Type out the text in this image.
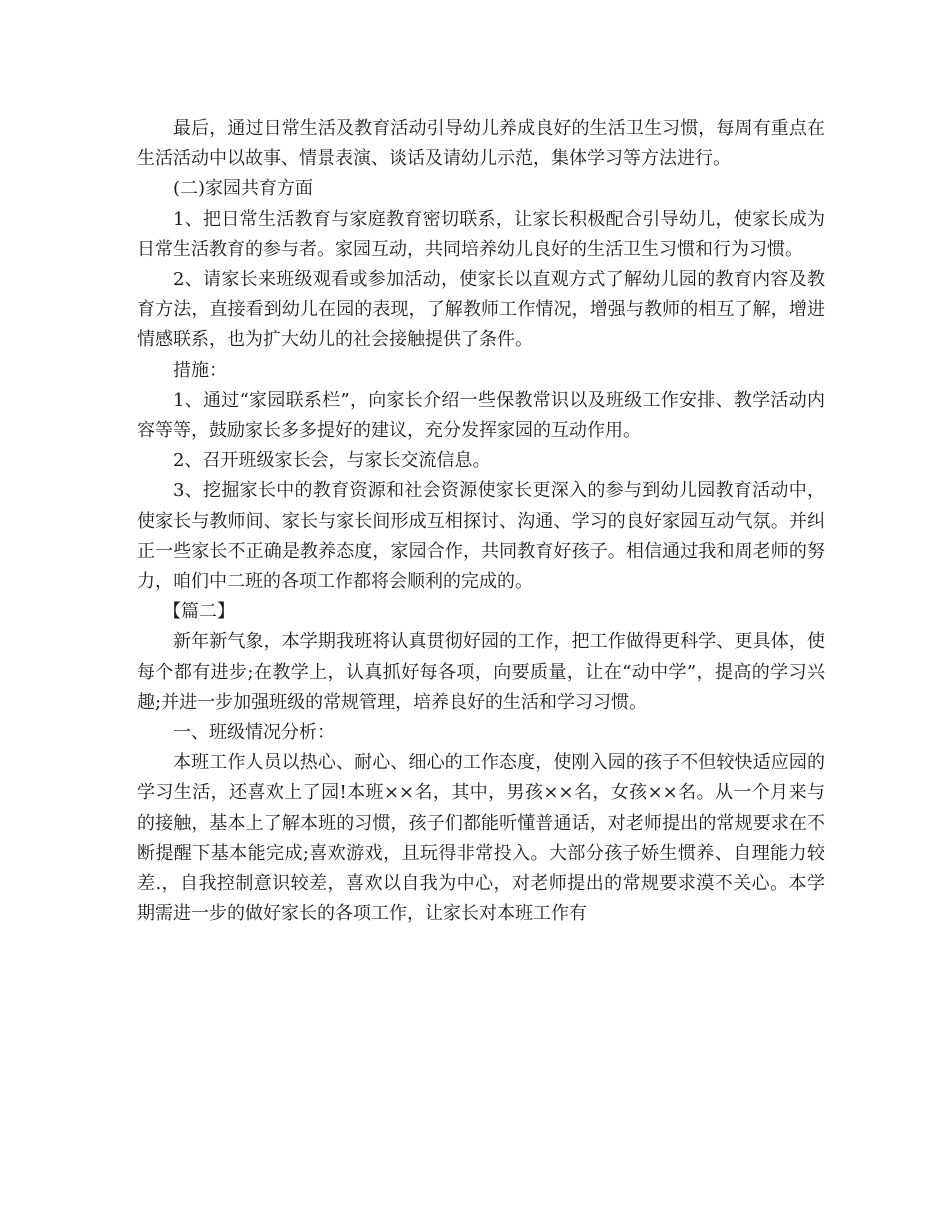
最后，通过日常生活及教育活动引导幼儿养成良好的生活卫生习惯，每周有重点在生活活动中以故事、情景表演、谈话及请幼儿示范，集体学习等方法进行。

(二)家园共育方面

1、把日常生活教育与家庭教育密切联系，让家长积极配合引导幼儿，使家长成为日常生活教育的参与者。家园互动，共同培养幼儿良好的生活卫生习惯和行为习惯。

2、请家长来班级观看或参加活动，使家长以直观方式了解幼儿园的教育内容及教育方法，直接看到幼儿在园的表现，了解教师工作情况，增强与教师的相互了解，增进情感联系，也为扩大幼儿的社会接触提供了条件。

措施：

1、通过“家园联系栏”，向家长介绍一些保教常识以及班级工作安排、教学活动内容等等，鼓励家长多多提好的建议，充分发挥家园的互动作用。

2、召开班级家长会，与家长交流信息。

3、挖掘家长中的教育资源和社会资源使家长更深入的参与到幼儿园教育活动中，使家长与教师间、家长与家长间形成互相探讨、沟通、学习的良好家园互动气氛。并纠正一些家长不正确是教养态度，家园合作，共同教育好孩子。相信通过我和周老师的努力，咱们中二班的各项工作都将会顺利的完成的。

【篇二】

新年新气象，本学期我班将认真贯彻好园的工作，把工作做得更科学、更具体，使每个都有进步;在教学上，认真抓好每各项，向要质量，让在“动中学”，提高的学习兴趣;并进一步加强班级的常规管理，培养良好的生活和学习习惯。

一、班级情况分析：

本班工作人员以热心、耐心、细心的工作态度，使刚入园的孩子不但较快适应园的学习生活，还喜欢上了园!本班××名，其中，男孩××名，女孩××名。从一个月来与的接触，基本上了解本班的习惯，孩子们都能听懂普通话，对老师提出的常规要求在不断提醒下基本能完成;喜欢游戏，且玩得非常投入。大部分孩子娇生惯养、自理能力较差.，自我控制意识较差，喜欢以自我为中心，对老师提出的常规要求漠不关心。本学期需进一步的做好家长的各项工作，让家长对本班工作有
